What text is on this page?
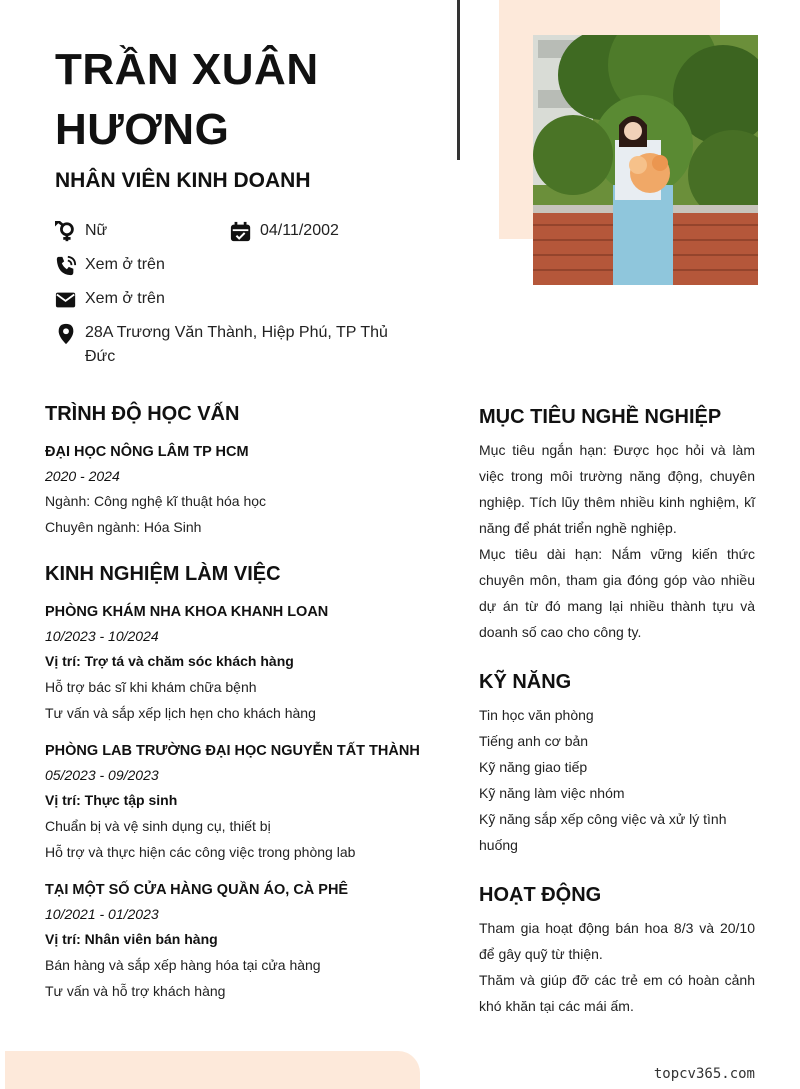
TRẦN XUÂN HƯƠNG
NHÂN VIÊN KINH DOANH
Nữ	04/11/2002
Xem ở trên
Xem ở trên
28A Trương Văn Thành, Hiệp Phú, TP Thủ
Đức
TRÌNH ĐỘ HỌC VẤN
ĐẠI HỌC NÔNG LÂM TP HCM
2020 - 2024
Ngành: Công nghệ kĩ thuật hóa học
Chuyên ngành: Hóa Sinh
KINH NGHIỆM LÀM VIỆC
PHÒNG KHÁM NHA KHOA KHANH LOAN
10/2023 - 10/2024
Vị trí: Trợ tá và chăm sóc khách hàng
Hỗ trợ bác sĩ khi khám chữa bệnh
Tư vấn và sắp xếp lịch hẹn cho khách hàng
PHÒNG LAB TRƯỜNG ĐẠI HỌC NGUYỄN TẤT THÀNH
05/2023 - 09/2023
Vị trí: Thực tập sinh
Chuẩn bị và vệ sinh dụng cụ, thiết bị
Hỗ trợ và thực hiện các công việc trong phòng lab
TẠI MỘT SỐ CỬA HÀNG QUẦN ÁO, CÀ PHÊ
10/2021 - 01/2023
Vị trí: Nhân viên bán hàng
Bán hàng và sắp xếp hàng hóa tại cửa hàng
Tư vấn và hỗ trợ khách hàng
MỤC TIÊU NGHỀ NGHIỆP
Mục tiêu ngắn hạn: Được học hỏi và làm việc trong môi trường năng động, chuyên nghiệp. Tích lũy thêm nhiều kinh nghiệm, kĩ năng để phát triển nghề nghiệp.
Mục tiêu dài hạn: Nắm vững kiến thức chuyên môn, tham gia đóng góp vào nhiều dự án từ đó mang lại nhiều thành tựu và doanh số cao cho công ty.
KỸ NĂNG
Tin học văn phòng
Tiếng anh cơ bản
Kỹ năng giao tiếp
Kỹ năng làm việc nhóm
Kỹ năng sắp xếp công việc và xử lý tình huống
HOẠT ĐỘNG
Tham gia hoạt động bán hoa 8/3 và 20/10 để gây quỹ từ thiện.
Thăm và giúp đỡ các trẻ em có hoàn cảnh khó khăn tại các mái ấm.
topcv365.com
